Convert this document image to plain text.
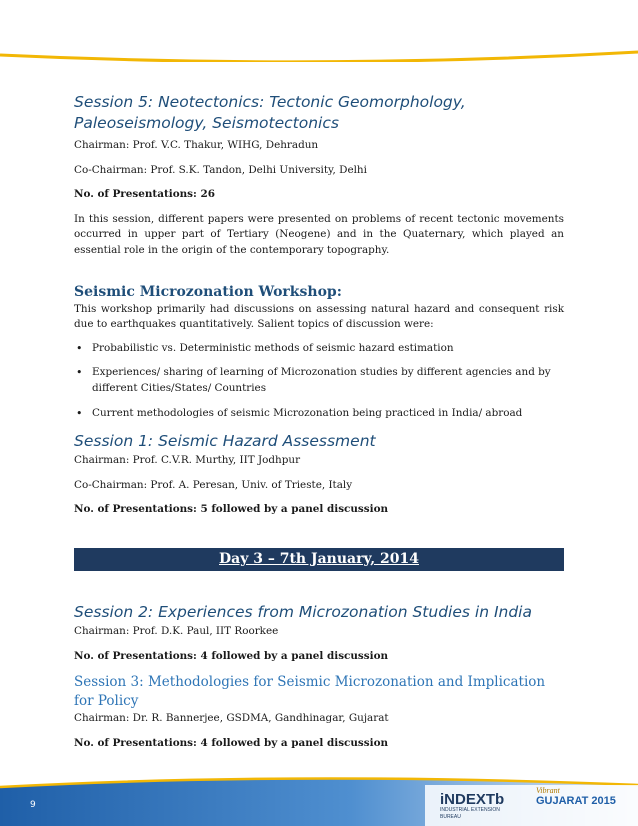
Session 5: Neotectonics: Tectonic Geomorphology, Paleoseismology, Seismotectonics

Chairman: Prof. V.C. Thakur, WIHG, Dehradun

Co-Chairman: Prof. S.K. Tandon, Delhi University, Delhi

No. of Presentations: 26

In this session, different papers were presented on problems of recent tectonic movements occurred in upper part of Tertiary (Neogene) and in the Quaternary, which played an essential role in the origin of the contemporary topography.

Seismic Microzonation Workshop:

This workshop primarily had discussions on assessing natural hazard and consequent risk due to earthquakes quantitatively. Salient topics of discussion were:

• Probabilistic vs. Deterministic methods of seismic hazard estimation
• Experiences/ sharing of learning of Microzonation studies by different agencies and by different Cities/States/ Countries
• Current methodologies of seismic Microzonation being practiced in India/ abroad
Session 1: Seismic Hazard Assessment

Chairman: Prof. C.V.R. Murthy, IIT Jodhpur

Co-Chairman: Prof. A. Peresan, Univ. of Trieste, Italy

No. of Presentations: 5 followed by a panel discussion

Day 3 – 7th January, 2014
Session 2: Experiences from Microzonation Studies in India

Chairman: Prof. D.K. Paul, IIT Roorkee

No. of Presentations: 4 followed by a panel discussion

Session 3: Methodologies for Seismic Microzonation and Implication for Policy

Chairman: Dr. R. Bannerjee, GSDMA, Gandhinagar, Gujarat

No. of Presentations: 4 followed by a panel discussion

9	iNDEXTb
INDUSTRIAL EXTENSION BUREAU
Vibrant
GUJARAT 2015
